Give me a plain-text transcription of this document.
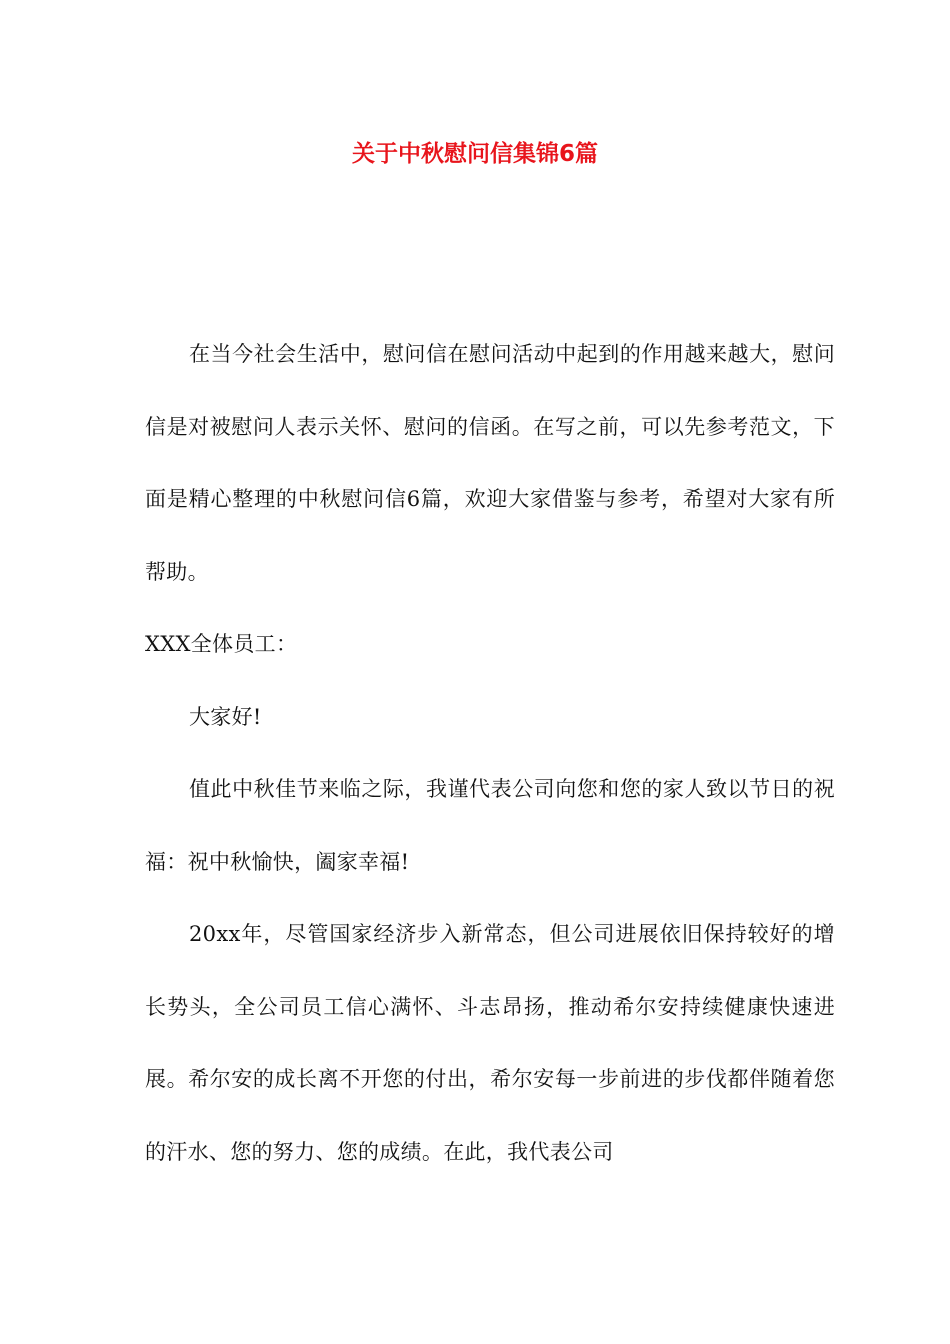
关于中秋慰问信集锦6篇

在当今社会生活中，慰问信在慰问活动中起到的作用越来越大，慰问信是对被慰问人表示关怀、慰问的信函。在写之前，可以先参考范文，下面是精心整理的中秋慰问信6篇，欢迎大家借鉴与参考，希望对大家有所帮助。

XXX全体员工：

大家好!

值此中秋佳节来临之际，我谨代表公司向您和您的家人致以节日的祝福：祝中秋愉快，阖家幸福!

20xx年，尽管国家经济步入新常态，但公司进展依旧保持较好的增长势头，全公司员工信心满怀、斗志昂扬，推动希尔安持续健康快速进展。希尔安的成长离不开您的付出，希尔安每一步前进的步伐都伴随着您的汗水、您的努力、您的成绩。在此，我代表公司
